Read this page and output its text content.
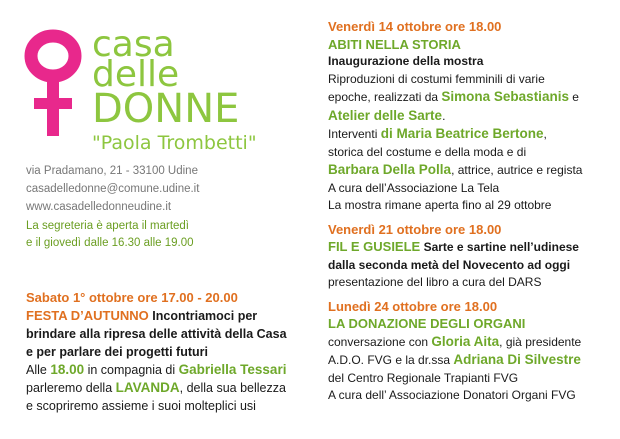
casa
delle
DONNE
"Paola Trombetti"
via Pradamano, 21 - 33100 Udine
casadelledonne@comune.udine.it
www.casadelledonneudine.it
La segreteria è aperta il martedì
e il giovedì dalle 16.30 alle 19.00
Sabato 1° ottobre ore 17.00 - 20.00
FESTA D’AUTUNNO Incontriamoci per
brindare alla ripresa delle attività della Casa
e per parlare dei progetti futuri
Alle 18.00 in compagnia di Gabriella Tessari
parleremo della LAVANDA, della sua bellezza
e scopriremo assieme i suoi molteplici usi
Venerdì 14 ottobre ore 18.00
ABITI NELLA STORIA
Inaugurazione della mostra
Riproduzioni di costumi femminili di varie
epoche, realizzati da Simona Sebastianis e
Atelier delle Sarte.
Interventi di Maria Beatrice Bertone,
storica del costume e della moda e di
Barbara Della Polla, attrice, autrice e regista
A cura dell’Associazione La Tela
La mostra rimane aperta fino al 29 ottobre
Venerdì 21 ottobre ore 18.00
FIL E GUSIELE Sarte e sartine nell’udinese
dalla seconda metà del Novecento ad oggi
presentazione del libro a cura del DARS
Lunedì 24 ottobre ore 18.00
LA DONAZIONE DEGLI ORGANI
conversazione con Gloria Aita, già presidente
A.D.O. FVG e la dr.ssa Adriana Di Silvestre
del Centro Regionale Trapianti FVG
A cura dell’ Associazione Donatori Organi FVG
